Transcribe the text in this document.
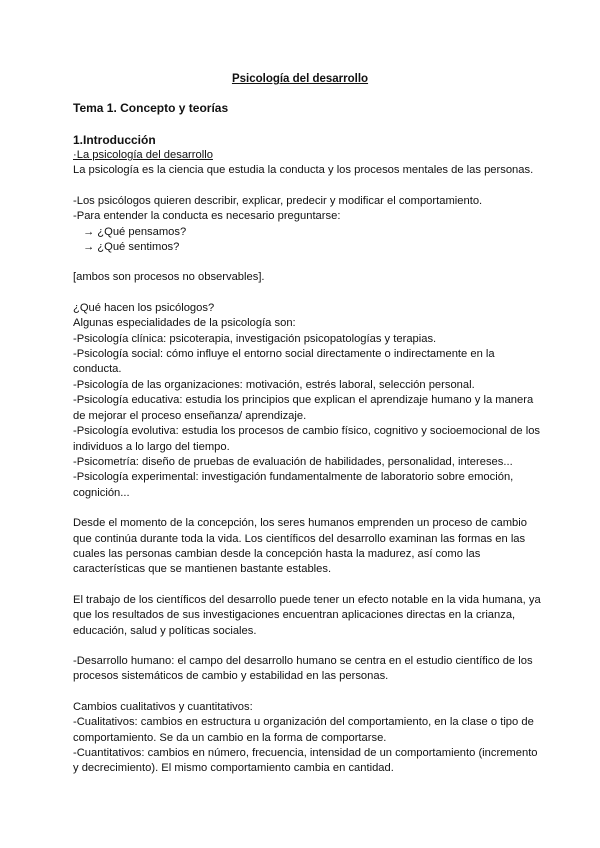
Psicología del desarrollo

Tema 1. Concepto y teorías

1.Introducción

·La psicología del desarrollo

La psicología es la ciencia que estudia la conducta y los procesos mentales de las personas.

-Los psicólogos quieren describir, explicar, predecir y modificar el comportamiento.

-Para entender la conducta es necesario preguntarse:

→ ¿Qué pensamos?

→ ¿Qué sentimos?

[ambos son procesos no observables].

¿Qué hacen los psicólogos?

Algunas especialidades de la psicología son:

-Psicología clínica: psicoterapia, investigación psicopatologías y terapias.

-Psicología social: cómo influye el entorno social directamente o indirectamente en la conducta.

-Psicología de las organizaciones: motivación, estrés laboral, selección personal.

-Psicología educativa: estudia los principios que explican el aprendizaje humano y la manera de mejorar el proceso enseñanza/ aprendizaje.

-Psicología evolutiva: estudia los procesos de cambio físico, cognitivo y socioemocional de los individuos a lo largo del tiempo.

-Psicometría: diseño de pruebas de evaluación de habilidades, personalidad, intereses...

-Psicología experimental: investigación fundamentalmente de laboratorio sobre emoción, cognición...

Desde el momento de la concepción, los seres humanos emprenden un proceso de cambio que continúa durante toda la vida. Los científicos del desarrollo examinan las formas en las cuales las personas cambian desde la concepción hasta la madurez, así como las características que se mantienen bastante estables.

El trabajo de los científicos del desarrollo puede tener un efecto notable en la vida humana, ya que los resultados de sus investigaciones encuentran aplicaciones directas en la crianza, educación, salud y políticas sociales.

-Desarrollo humano: el campo del desarrollo humano se centra en el estudio científico de los procesos sistemáticos de cambio y estabilidad en las personas.

Cambios cualitativos y cuantitativos:

-Cualitativos: cambios en estructura u organización del comportamiento, en la clase o tipo de comportamiento. Se da un cambio en la forma de comportarse.

-Cuantitativos: cambios en número, frecuencia, intensidad de un comportamiento (incremento y decrecimiento). El mismo comportamiento cambia en cantidad.
